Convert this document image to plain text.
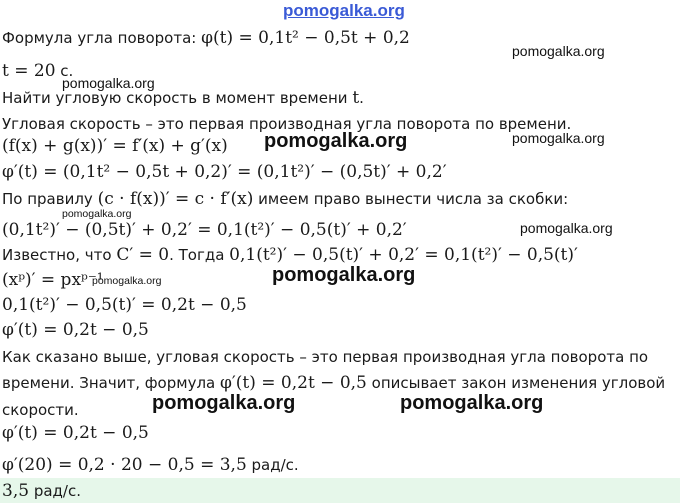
pomogalka.org
Формула угла поворота: φ(t) = 0,1t² − 0,5t + 0,2
pomogalka.org
t = 20 с.
pomogalka.org
Найти угловую скорость в момент времени t.
Угловая скорость – это первая производная угла поворота по времени.
pomogalka.org
(f(x) + g(x))′ = f′(x) + g′(x) pomogalka.org
φ′(t) = (0,1t² − 0,5t + 0,2)′ = (0,1t²)′ − (0,5t)′ + 0,2′
По правилу (c · f(x))′ = c · f′(x) имеем право вынести числа за скобки:
pomogalka.org
(0,1t²)′ − (0,5t)′ + 0,2′ = 0,1(t²)′ − 0,5(t)′ + 0,2′	pomogalka.org
Известно, что C′ = 0. Тогда 0,1(t²)′ − 0,5(t)′ + 0,2′ = 0,1(t²)′ − 0,5(t)′
(xᵖ)′ = pxᵖ⁻¹
pomogalka.org	pomogalka.org
0,1(t²)′ − 0,5(t)′ = 0,2t − 0,5
φ′(t) = 0,2t − 0,5
Как сказано выше, угловая скорость – это первая производная угла поворота по
времени. Значит, формула φ′(t) = 0,2t − 0,5 описывает закон изменения угловой
скорости.	pomogalka.org	pomogalka.org
φ′(t) = 0,2t − 0,5
φ′(20) = 0,2 · 20 − 0,5 = 3,5 рад/с.
3,5 рад/с.
